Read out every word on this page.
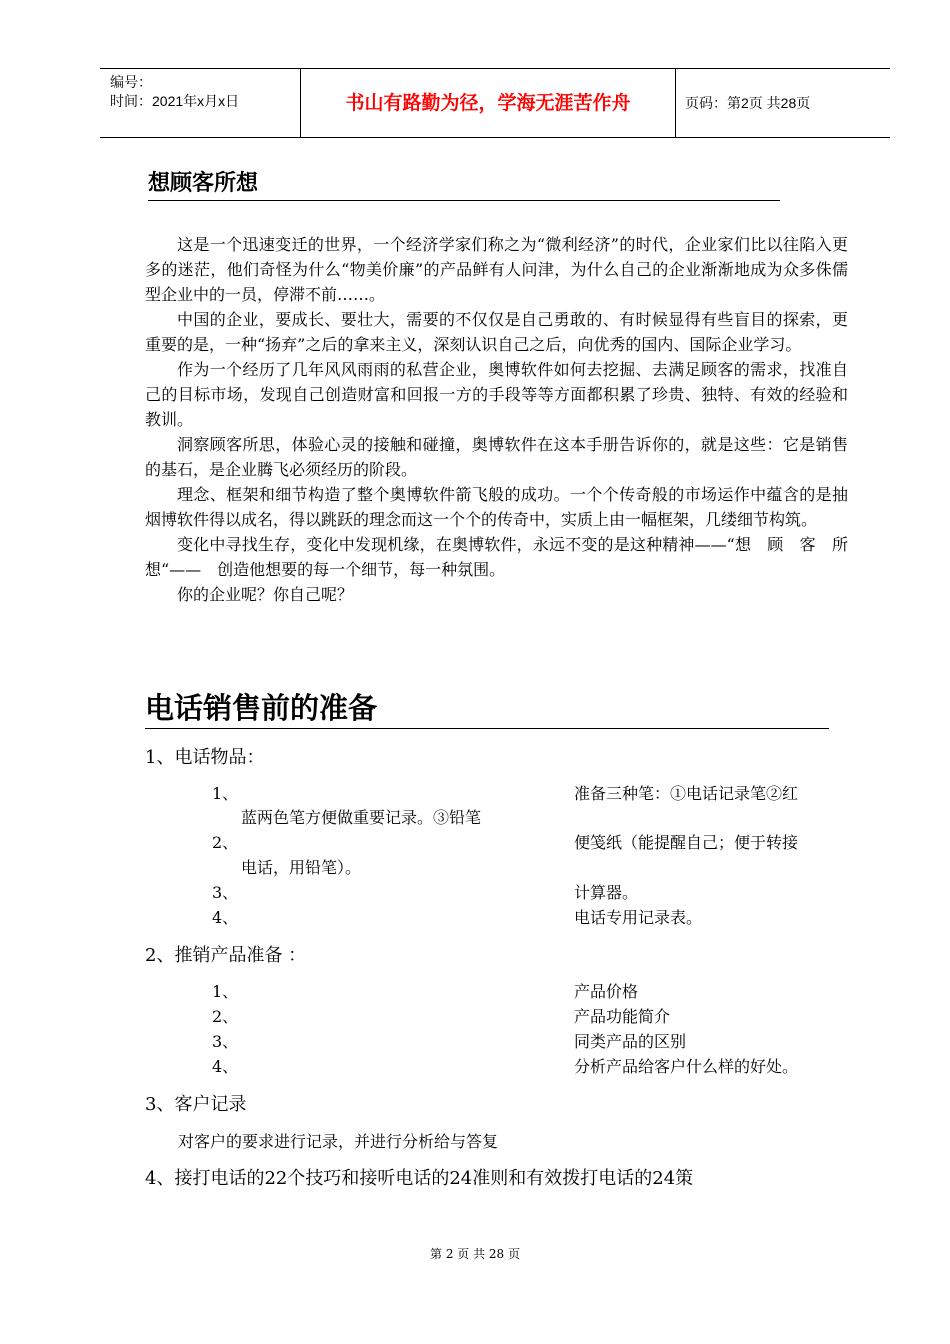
编号：
时间：2021年x月x日	书山有路勤为径，学海无涯苦作舟	页码：第2页 共28页
想顾客所想

这是一个迅速变迁的世界，一个经济学家们称之为“微利经济”的时代，企业家们比以往陷入更多的迷茫，他们奇怪为什么“物美价廉”的产品鲜有人问津，为什么自己的企业渐渐地成为众多侏儒型企业中的一员，停滞不前……。

中国的企业，要成长、要壮大，需要的不仅仅是自己勇敢的、有时候显得有些盲目的探索，更重要的是，一种“扬弃”之后的拿来主义，深刻认识自己之后，向优秀的国内、国际企业学习。

作为一个经历了几年风风雨雨的私营企业，奥博软件如何去挖掘、去满足顾客的需求，找准自己的目标市场，发现自己创造财富和回报一方的手段等等方面都积累了珍贵、独特、有效的经验和教训。

洞察顾客所思，体验心灵的接触和碰撞，奥博软件在这本手册告诉你的，就是这些：它是销售的基石，是企业腾飞必须经历的阶段。

理念、框架和细节构造了整个奥博软件箭飞般的成功。一个个传奇般的市场运作中蕴含的是抽烟博软件得以成名，得以跳跃的理念而这一个个的传奇中，实质上由一幅框架，几缕细节构筑。

变化中寻找生存，变化中发现机缘，在奥博软件，永远不变的是这种精神——“想　顾　客　所　想“——　创造他想要的每一个细节，每一种氛围。

你的企业呢？你自己呢？

电话销售前的准备
1、电话物品：
1、	准备三种笔：①电话记录笔②红
蓝两色笔方便做重要记录。③铅笔
2、	便笺纸（能提醒自己；便于转接
电话，用铅笔）。
3、	计算器。
4、	电话专用记录表。
2、推销产品准备 ：
1、	产品价格
2、	产品功能简介
3、	同类产品的区别
4、	分析产品给客户什么样的好处。
3、客户记录
对客户的要求进行记录，并进行分析给与答复
4、接打电话的22个技巧和接听电话的24准则和有效拨打电话的24策
第 2 页 共 28 页
